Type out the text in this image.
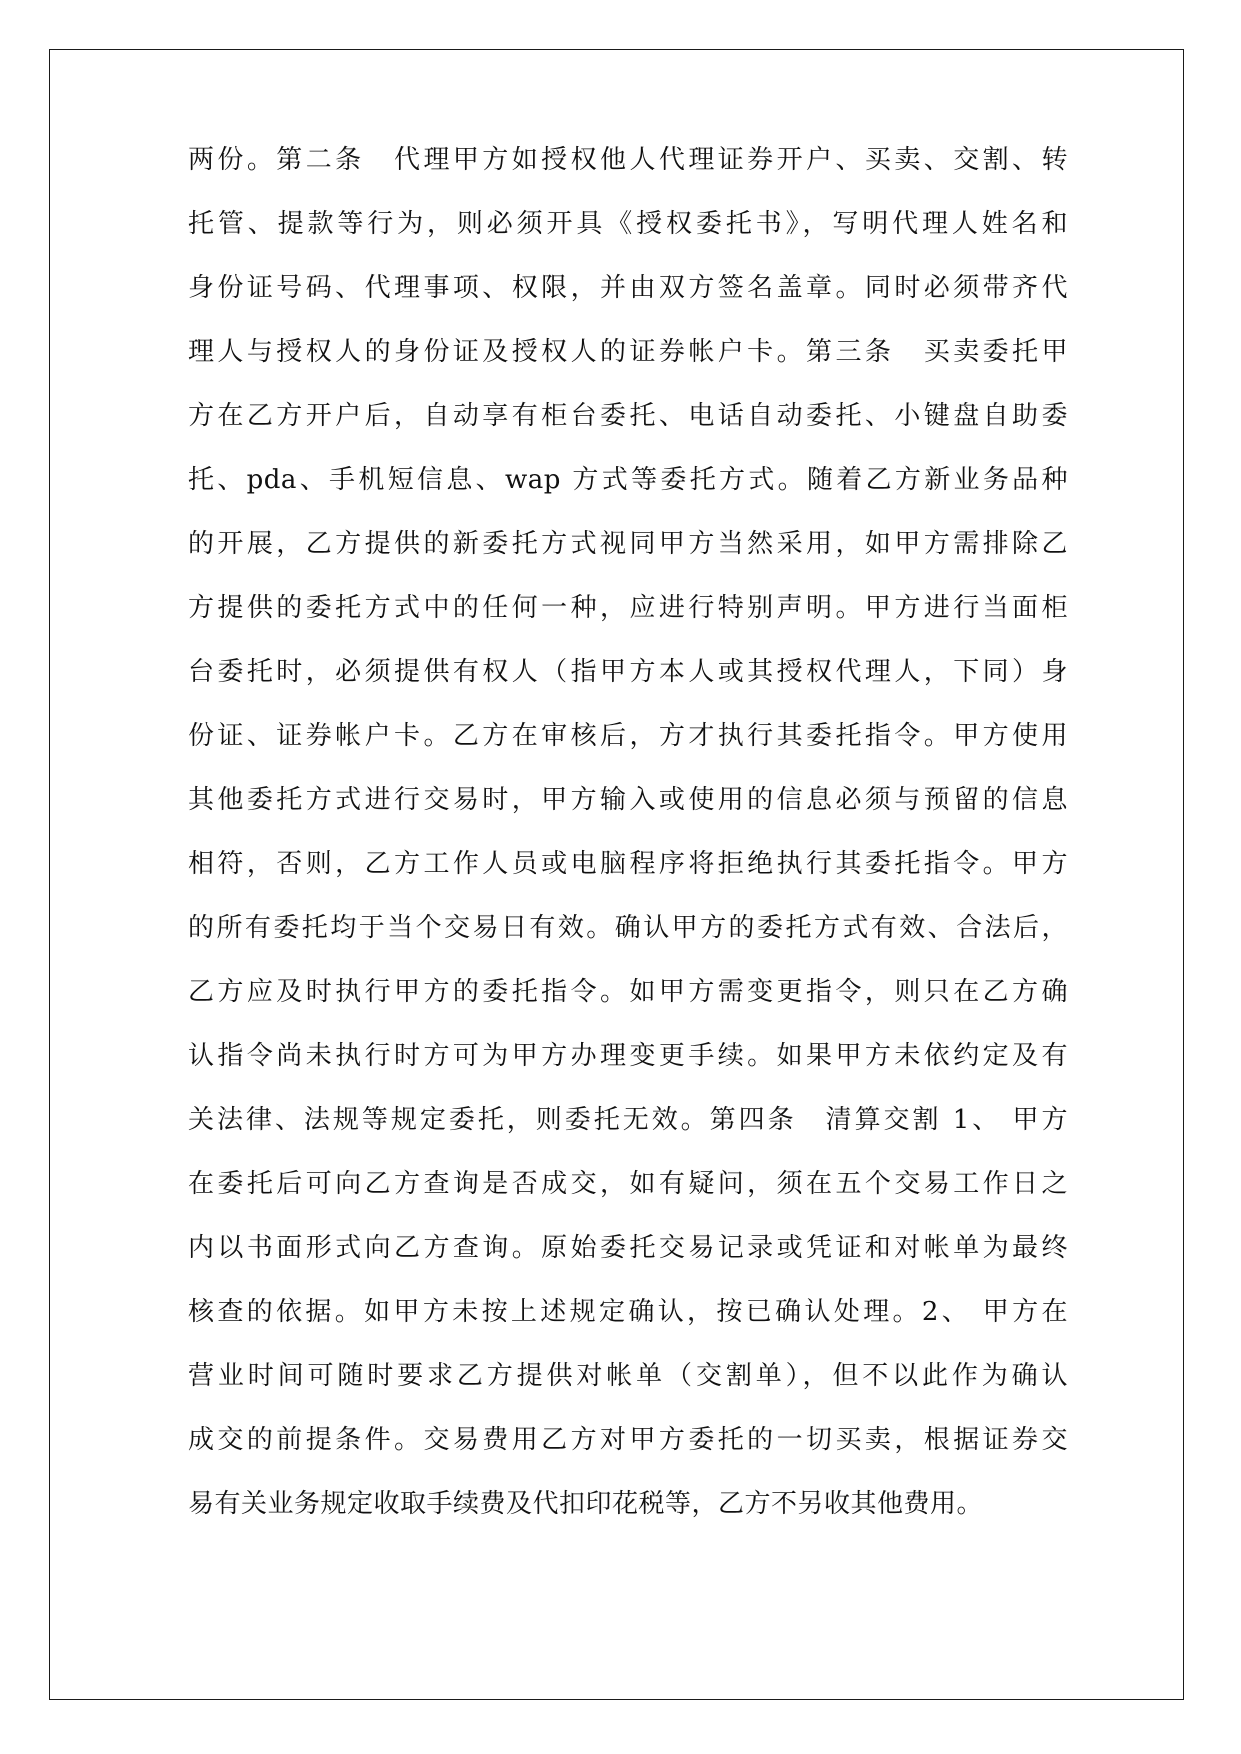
两份。第二条　代理甲方如授权他人代理证券开户、买卖、交割、转
托管、提款等行为，则必须开具《授权委托书》，写明代理人姓名和
身份证号码、代理事项、权限，并由双方签名盖章。同时必须带齐代
理人与授权人的身份证及授权人的证券帐户卡。第三条　买卖委托甲
方在乙方开户后，自动享有柜台委托、电话自动委托、小键盘自助委
托、pda、手机短信息、wap 方式等委托方式。随着乙方新业务品种
的开展，乙方提供的新委托方式视同甲方当然采用，如甲方需排除乙
方提供的委托方式中的任何一种，应进行特别声明。甲方进行当面柜
台委托时，必须提供有权人（指甲方本人或其授权代理人，下同）身
份证、证券帐户卡。乙方在审核后，方才执行其委托指令。甲方使用
其他委托方式进行交易时，甲方输入或使用的信息必须与预留的信息
相符，否则，乙方工作人员或电脑程序将拒绝执行其委托指令。甲方
的所有委托均于当个交易日有效。确认甲方的委托方式有效、合法后，
乙方应及时执行甲方的委托指令。如甲方需变更指令，则只在乙方确
认指令尚未执行时方可为甲方办理变更手续。如果甲方未依约定及有
关法律、法规等规定委托，则委托无效。第四条　清算交割 1、 甲方
在委托后可向乙方查询是否成交，如有疑问，须在五个交易工作日之
内以书面形式向乙方查询。原始委托交易记录或凭证和对帐单为最终
核查的依据。如甲方未按上述规定确认，按已确认处理。2、 甲方在
营业时间可随时要求乙方提供对帐单（交割单），但不以此作为确认
成交的前提条件。交易费用乙方对甲方委托的一切买卖，根据证券交
易有关业务规定收取手续费及代扣印花税等，乙方不另收其他费用。
